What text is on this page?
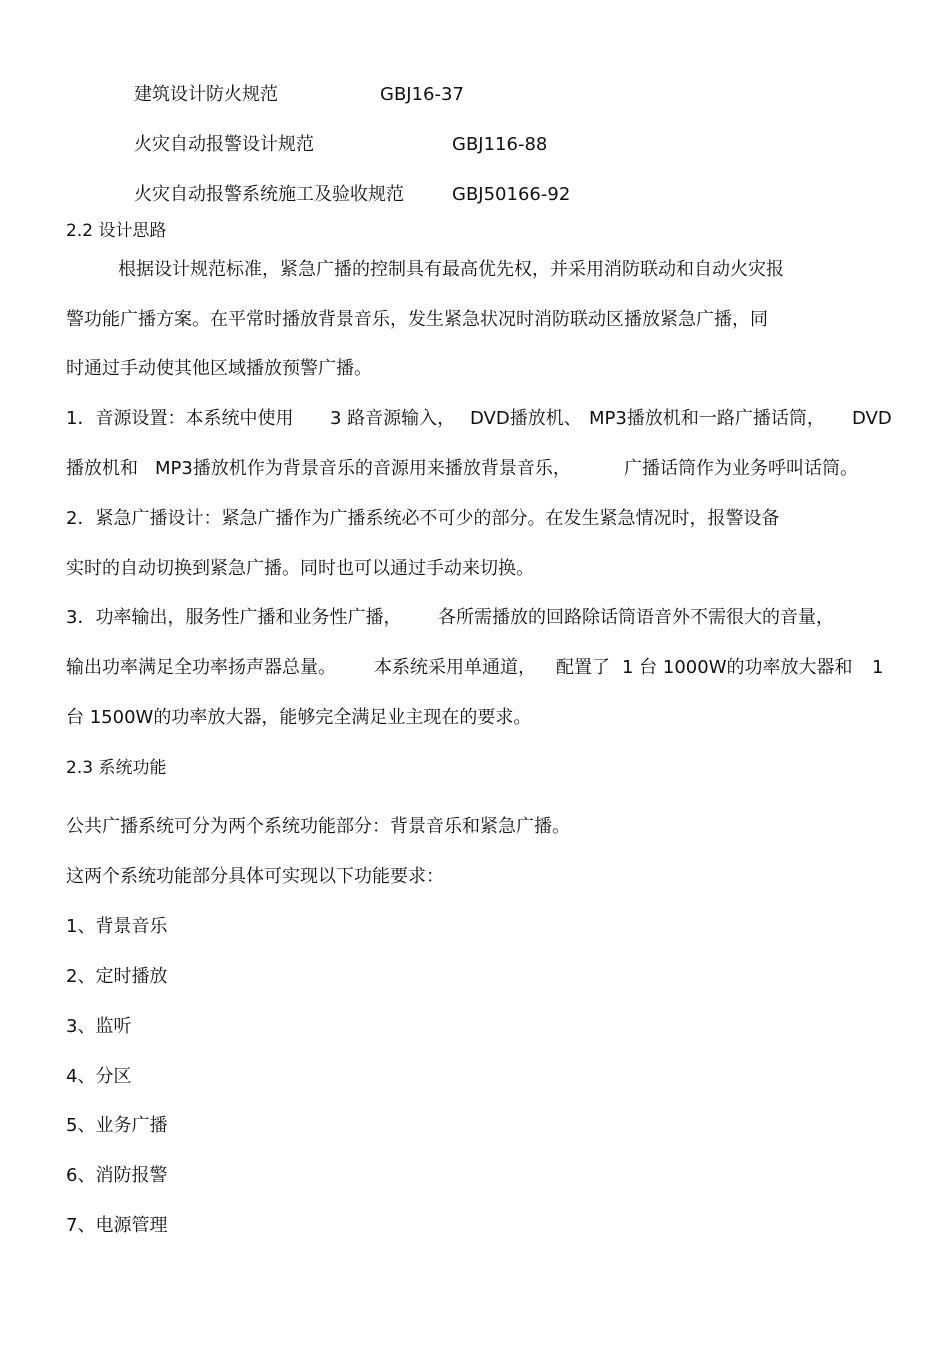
建筑设计防火规范	GBJ16-37
火灾自动报警设计规范	GBJ116-88
火灾自动报警系统施工及验收规范	GBJ50166-92
2.2 设计思路
根据设计规范标准，紧急广播的控制具有最高优先权，并采用消防联动和自动火灾报
警功能广播方案。在平常时播放背景音乐，发生紧急状况时消防联动区播放紧急广播，同
时通过手动使其他区域播放预警广播。
1．音源设置：本系统中使用 3 路音源输入， DVD播放机、 MP3播放机和一路广播话筒， DVD
播放机和 MP3播放机作为背景音乐的音源用来播放背景音乐，	广播话筒作为业务呼叫话筒。
2．紧急广播设计：紧急广播作为广播系统必不可少的部分。在发生紧急情况时，报警设备
实时的自动切换到紧急广播。同时也可以通过手动来切换。
3．功率输出，服务性广播和业务性广播， 各所需播放的回路除话筒语音外不需很大的音量，
输出功率满足全功率扬声器总量。 本系统采用单通道， 配置了 1 台 1000W的功率放大器和 1
台 1500W的功率放大器，能够完全满足业主现在的要求。
2.3 系统功能
公共广播系统可分为两个系统功能部分：背景音乐和紧急广播。
这两个系统功能部分具体可实现以下功能要求：
1、背景音乐
2、定时播放
3、监听
4、分区
5、业务广播
6、消防报警
7、电源管理
